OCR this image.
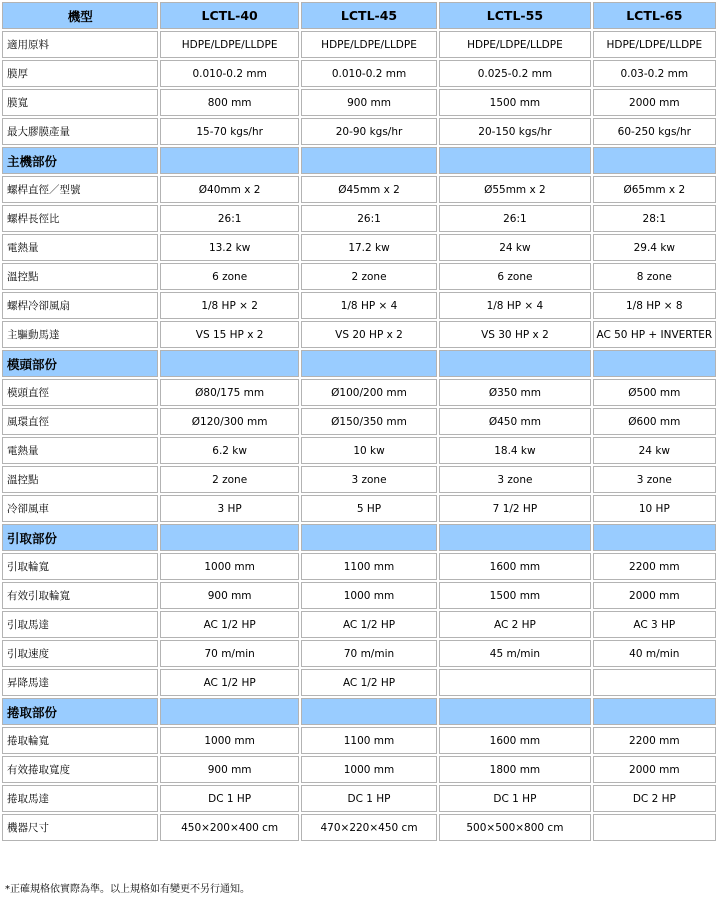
機型	LCTL-40	LCTL-45	LCTL-55	LCTL-65
適用原料	HDPE/LDPE/LLDPE	HDPE/LDPE/LLDPE	HDPE/LDPE/LLDPE	HDPE/LDPE/LLDPE
膜厚	0.010-0.2 mm	0.010-0.2 mm	0.025-0.2 mm	0.03-0.2 mm
膜寬	800 mm	900 mm	1500 mm	2000 mm
最大膠膜產量	15-70 kgs/hr	20-90 kgs/hr	20-150 kgs/hr	60-250 kgs/hr
主機部份				
螺桿直徑／型號	Ø40mm x 2	Ø45mm x 2	Ø55mm x 2	Ø65mm x 2
螺桿長徑比	26:1	26:1	26:1	28:1
電熱量	13.2 kw	17.2 kw	24 kw	29.4 kw
溫控點	6 zone	2 zone	6 zone	8 zone
螺桿冷卻風扇	1/8 HP × 2	1/8 HP × 4	1/8 HP × 4	1/8 HP × 8
主驅動馬達	VS 15 HP x 2	VS 20 HP x 2	VS 30 HP x 2	AC 50 HP + INVERTER
模頭部份				
模頭直徑	Ø80/175 mm	Ø100/200 mm	Ø350 mm	Ø500 mm
風環直徑	Ø120/300 mm	Ø150/350 mm	Ø450 mm	Ø600 mm
電熱量	6.2 kw	10 kw	18.4 kw	24 kw
溫控點	2 zone	3 zone	3 zone	3 zone
冷卻風車	3 HP	5 HP	7 1/2 HP	10 HP
引取部份				
引取輪寬	1000 mm	1100 mm	1600 mm	2200 mm
有效引取輪寬	900 mm	1000 mm	1500 mm	2000 mm
引取馬達	AC 1/2 HP	AC 1/2 HP	AC 2 HP	AC 3 HP
引取速度	70 m/min	70 m/min	45 m/min	40 m/min
昇降馬達	AC 1/2 HP	AC 1/2 HP		
捲取部份				
捲取輪寬	1000 mm	1100 mm	1600 mm	2200 mm
有效捲取寬度	900 mm	1000 mm	1800 mm	2000 mm
捲取馬達	DC 1 HP	DC 1 HP	DC 1 HP	DC 2 HP
機器尺寸	450×200×400 cm	470×220×450 cm	500×500×800 cm	
*正確規格依實際為準。以上規格如有變更不另行通知。
